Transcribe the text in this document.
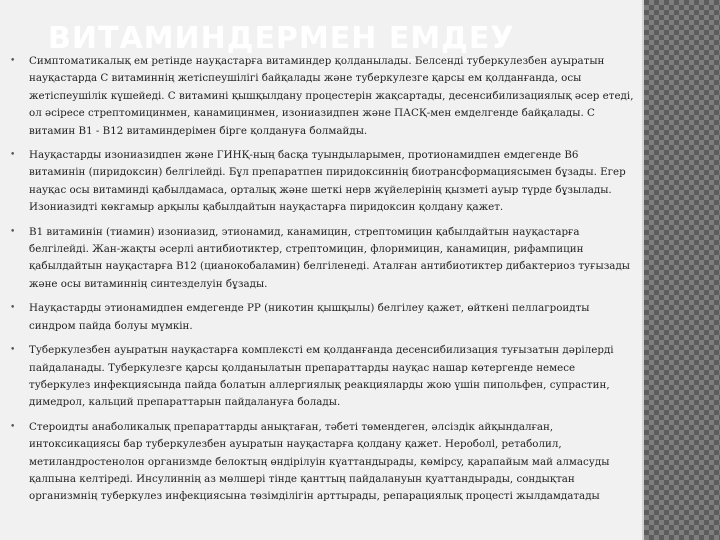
ВИТАМИНДЕРМЕН ЕМДЕУ
• Симптоматикалық ем ретінде науқастарға витаминдер қолданылады. Белсенді туберкулезбен ауыратын науқастарда С витаминнің жетіспеушілігі байқалады және туберкулезге қарсы ем қолданғанда, осы жетіспеушілік күшейеді. С витамині қышқылдану процестерін жақсартады, десенсибилизациялық әсер етеді, ол әсіресе стрептомицинмен, канамицинмен, изониазидпен және ПАСҚ-мен емделгенде байқалады. С витамин В1 - В12 витаминдерімен бірге қолдануға болмайды.
• Науқастарды изониазидпен және ГИНҚ-ның басқа туындыларымен, протионамидпен емдегенде В6 витаминін (пиридоксин) белгілейді. Бұл препаратпен пиридоксиннің биотрансформациясымен бұзады. Егер науқас осы витаминді қабылдамаса, орталық және шеткі нерв жүйелерінің қызметі ауыр түрде бұзылады. Изониазидті көкгамыр арқылы қабылдайтын науқастарға пиридоксин қолдану қажет.
• В1 витаминін (тиамин) изониазид, этионамид, канамицин, стрептомицин қабылдайтын науқастарға белгілейді. Жан-жақты әсерлі антибиотиктер, стрептомицин, флоримицин, канамицин, рифампицин қабылдайтын науқастарға В12 (цианокобаламин) белгіленеді. Аталған антибиотиктер дибактериоз туғызады және осы витаминнің синтезделуін бұзады.
• Науқастарды этионамидпен емдегенде РР (никотин қышқылы) белгілеу қажет, өйткені пеллагроидты синдром пайда болуы мүмкін.
• Туберкулезбен ауыратын науқастарға комплексті ем қолданғанда десенсибилизация туғызатын дәрілерді пайдаланады. Туберкулезге қарсы қолданылатын препараттарды науқас нашар көтергенде немесе туберкулез инфекциясында пайда болатын аллергиялық реакцияларды жою үшін пипольфен, супрастин, димедрол, кальций препараттарын пайдалануға болады.
• Стероидты анаболикалық препараттарды анықтаған, тәбеті төмендеген, әлсіздік айқындалған, интоксикациясы бар туберкулезбен ауыратын науқастарға қолдану қажет. Нероболl, ретаболил, метиландростенолон организмде белоктың өндірілуін күаттандырады, көміpcy, қарапайым май алмасуды қалпына келтіреді. Инсулиннің аз мөлшері тінде қанттың пайдалануын қуаттандырады, сондықтан организмнің туберкулез инфекциясына төзімділігін арттырады, репарациялық процесті жылдамдатады
